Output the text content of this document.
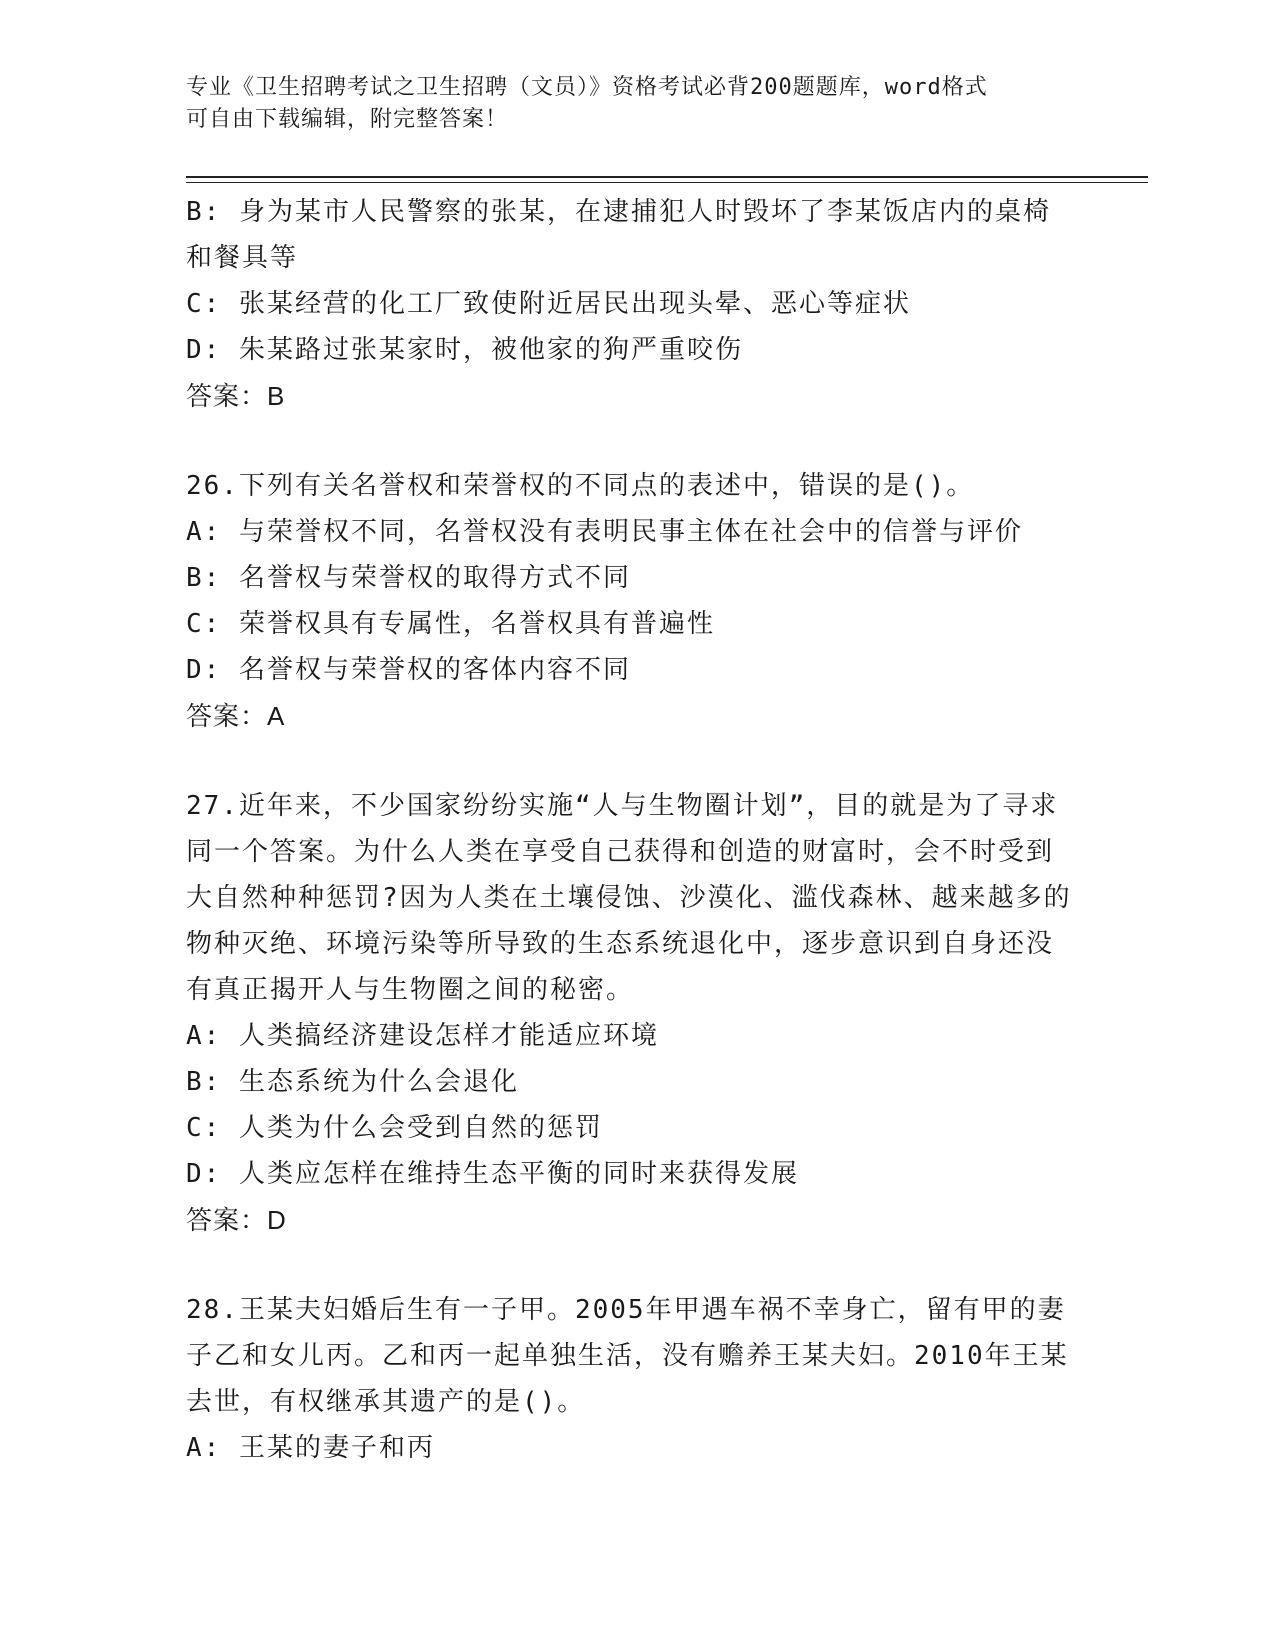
专业《卫生招聘考试之卫生招聘（文员）》资格考试必背200题题库，word格式
可自由下载编辑，附完整答案！
B: 身为某市人民警察的张某，在逮捕犯人时毁坏了李某饭店内的桌椅和餐具等
C: 张某经营的化工厂致使附近居民出现头晕、恶心等症状
D: 朱某路过张某家时，被他家的狗严重咬伤
答案：B
26.下列有关名誉权和荣誉权的不同点的表述中，错误的是()。
A: 与荣誉权不同，名誉权没有表明民事主体在社会中的信誉与评价
B: 名誉权与荣誉权的取得方式不同
C: 荣誉权具有专属性，名誉权具有普遍性
D: 名誉权与荣誉权的客体内容不同
答案：A
27.近年来，不少国家纷纷实施“人与生物圈计划”，目的就是为了寻求同一个答案。为什么人类在享受自己获得和创造的财富时，会不时受到大自然种种惩罚?因为人类在土壤侵蚀、沙漠化、滥伐森林、越来越多的物种灭绝、环境污染等所导致的生态系统退化中，逐步意识到自身还没有真正揭开人与生物圈之间的秘密。
A: 人类搞经济建设怎样才能适应环境
B: 生态系统为什么会退化
C: 人类为什么会受到自然的惩罚
D: 人类应怎样在维持生态平衡的同时来获得发展
答案：D
28.王某夫妇婚后生有一子甲。2005年甲遇车祸不幸身亡，留有甲的妻子乙和女儿丙。乙和丙一起单独生活，没有赡养王某夫妇。2010年王某去世，有权继承其遗产的是()。
A: 王某的妻子和丙
